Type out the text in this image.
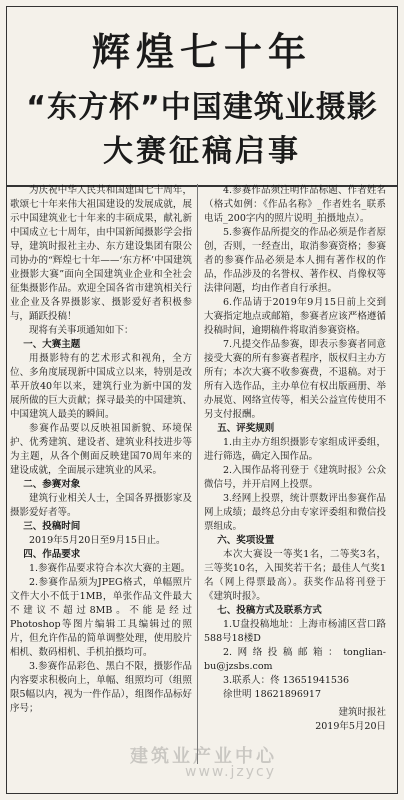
辉煌七十年
“东方杯”中国建筑业摄影
大赛征稿启事

为庆祝中华人民共和国建国七十周年，歌颂七十年来伟大祖国建设的发展成就，展示中国建筑业七十年来的丰硕成果，献礼新中国成立七十周年，由中国新闻摄影学会指导，建筑时报社主办、东方建设集团有限公司协办的“辉煌七十年——‘东方杯’中国建筑业摄影大赛”面向全国建筑业企业和全社会征集摄影作品。欢迎全国各省市建筑相关行业企业及各界摄影家、摄影爱好者积极参与，踊跃投稿！

现将有关事项通知如下：

一、大赛主题

用摄影特有的艺术形式和视角，全方位、多角度展现新中国成立以来，特别是改革开放40年以来，建筑行业为新中国的发展所做的巨大贡献；探寻最美的中国建筑、中国建筑人最美的瞬间。

参赛作品要以反映祖国新貌、环境保护、优秀建筑、建设者、建筑业科技进步等为主题，从各个侧面反映建国70周年来的建设成就，全面展示建筑业的风采。

二、参赛对象

建筑行业相关人士，全国各界摄影家及摄影爱好者等。

三、投稿时间

2019年5月20日至9月15日止。

四、作品要求

1.参赛作品要求符合本次大赛的主题。

2.参赛作品须为JPEG格式，单幅照片文件大小不低于1MB，单张作品文件最大不建议不超过8MB。不能是经过Photoshop等图片编辑工具编辑过的照片，但允许作品的简单调整处理，使用胶片相机、数码相机、手机拍摄均可。

3.参赛作品彩色、黑白不限，摄影作品内容要求积极向上，单幅、组照均可（组照限5幅以内，视为一件作品），组图作品标好序号；

4.参赛作品须注明作品标题、作者姓名（格式如例：《作品名称》_作者姓名_联系电话_200字内的照片说明_拍摄地点）。

5.参赛作品所提交的作品必须是作者原创，否则，一经查出，取消参赛资格；参赛者的参赛作品必须是本人拥有著作权的作品，作品涉及的名誉权、著作权、肖像权等法律问题，均由作者自行承担。

6.作品请于2019年9月15日前上交到大赛指定地点或邮箱，参赛者应该严格遵循投稿时间，逾期稿件将取消参赛资格。

7.凡提交作品参赛，即表示参赛者同意接受大赛的所有参赛者程序，版权归主办方所有；本次大赛不收参赛费，不退稿。对于所有入选作品，主办单位有权出版画册、举办展览、网络宣传等，相关公益宣传使用不另支付报酬。

五、评奖规则

1.由主办方组织摄影专家组成评委组，进行筛选，确定入围作品。

2.入围作品将刊登于《建筑时报》公众微信号，并开启网上投票。

3.经网上投票，统计票数评出参赛作品网上成绩；最终总分由专家评委组和微信投票组成。

六、奖项设置

本次大赛设一等奖1名，二等奖3名，三等奖10名，入围奖若干名；最佳人气奖1名（网上得票最高）。获奖作品将刊登于《建筑时报》。

七、投稿方式及联系方式

1.U盘投稿地址：上海市杨浦区营口路588号18楼D

2.网络投稿邮箱：tonglian-bu@jzsbs.com

3.联系人：佟 13651941536

徐世明 18621896917

建筑时报社
2019年5月20日
建筑业产业中心
www.jzycy
